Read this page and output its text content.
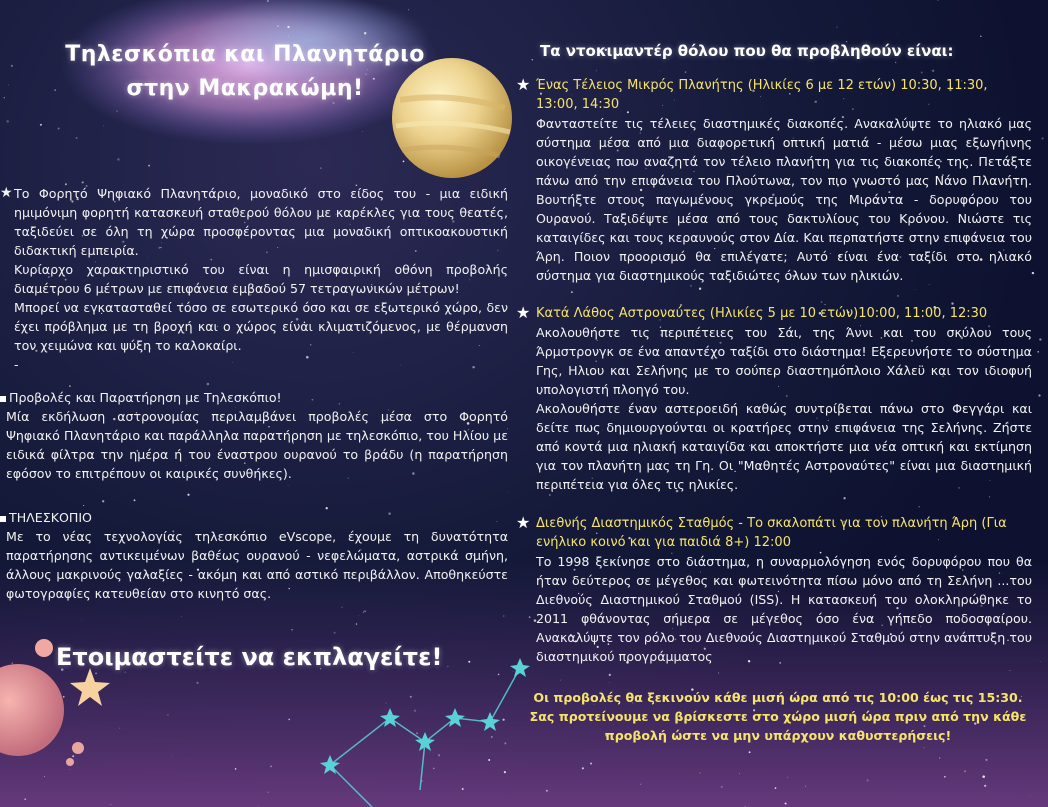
Τηλεσκόπια και Πλανητάριο
στην Μακρακώμη!

★ Το Φορητό Ψηφιακό Πλανητάριο, μοναδικό στο είδος του - μια ειδική ημιμόνιμη φορητή κατασκευή σταθερού θόλου με καρέκλες για τους θεατές, ταξιδεύει σε όλη τη χώρα προσφέροντας μια μοναδική οπτικοακουστική διδακτική εμπειρία.

Κυρίαρχο χαρακτηριστικό του είναι η ημισφαιρική οθόνη προβολής διαμέτρου 6 μέτρων με επιφάνεια εμβαδού 57 τετραγωνικών μέτρων!

Μπορεί να εγκατασταθεί τόσο σε εσωτερικό όσο και σε εξωτερικό χώρο, δεν έχει πρόβλημα με τη βροχή και ο χώρος είναι κλιματιζόμενος, με θέρμανση τον χειμώνα και ψύξη το καλοκαίρι.

-

Προβολές και Παρατήρηση με Τηλεσκόπιο!

Μία εκδήλωση αστρονομίας περιλαμβάνει προβολές μέσα στο Φορητό Ψηφιακό Πλανητάριο και παράλληλα παρατήρηση με τηλεσκόπιο, του Ηλίου με ειδικά φίλτρα την ημέρα ή του έναστρου ουρανού το βράδυ (η παρατήρηση εφόσον το επιτρέπουν οι καιρικές συνθήκες).

ΤΗΛΕΣΚΟΠΙΟ

Με το νέας τεχνολογίας τηλεσκόπιο eVscope, έχουμε τη δυνατότητα παρατήρησης αντικειμένων βαθέως ουρανού - νεφελώματα, αστρικά σμήνη, άλλους μακρινούς γαλαξίες - ακόμη και από αστικό περιβάλλον. Αποθηκεύστε φωτογραφίες κατευθείαν στο κινητό σας.

Ετοιμαστείτε να εκπλαγείτε!
Τα ντοκιμαντέρ θόλου που θα προβληθούν είναι:

★ Ένας Τέλειος Μικρός Πλανήτης (Ηλικίες 6 με 12 ετών) 10:30, 11:30, 13:00, 14:30

Φανταστείτε τις τέλειες διαστημικές διακοπές. Ανακαλύψτε το ηλιακό μας σύστημα μέσα από μια διαφορετική οπτική ματιά - μέσω μιας εξωγήινης οικογένειας που αναζητά τον τέλειο πλανήτη για τις διακοπές της. Πετάξτε πάνω από την επιφάνεια του Πλούτωνα, τον πιο γνωστό μας Νάνο Πλανήτη. Βουτήξτε στους παγωμένους γκρεμούς της Μιράντα - δορυφόρου του Ουρανού. Ταξιδέψτε μέσα από τους δακτυλίους του Κρόνου. Νιώστε τις καταιγίδες και τους κεραυνούς στον Δία. Και περπατήστε στην επιφάνεια του Άρη. Ποιον προορισμό θα επιλέγατε; Αυτό είναι ένα ταξίδι στο ηλιακό σύστημα για διαστημικούς ταξιδιώτες όλων των ηλικιών.

★ Κατά Λάθος Αστροναύτες (Ηλικίες 5 με 10 ετών)10:00, 11:00, 12:30

Ακολουθήστε τις περιπέτειες του Σάι, της Άννι και του σκύλου τους Άρμστρονγκ σε ένα απαντέχο ταξίδι στο διάστημα! Εξερευνήστε το σύστημα Γης, Ηλιου και Σελήνης με το σούπερ διαστημόπλοιο Χάλεϋ και τον ιδιοφυή υπολογιστή πλοηγό του.

Ακολουθήστε έναν αστεροειδή καθώς συντρίβεται πάνω στο Φεγγάρι και δείτε πως δημιουργούνται οι κρατήρες στην επιφάνεια της Σελήνης. Ζήστε από κοντά μια ηλιακή καταιγίδα και αποκτήστε μια νέα οπτική και εκτίμηση για τον πλανήτη μας τη Γη. Οι "Μαθητές Αστροναύτες" είναι μια διαστημική περιπέτεια για όλες τις ηλικίες.

★ Διεθνής Διαστημικός Σταθμός - Το σκαλοπάτι για τον πλανήτη Άρη (Για ενήλικο κοινό και για παιδιά 8+) 12:00

Το 1998 ξεκίνησε στο διάστημα, η συναρμολόγηση ενός δορυφόρου που θα ήταν δεύτερος σε μέγεθος και φωτεινότητα πίσω μόνο από τη Σελήνη ...του Διεθνούς Διαστημικού Σταθμού (ISS). Η κατασκευή του ολοκληρώθηκε το 2011 φθάνοντας σήμερα σε μέγεθος όσο ένα γήπεδο ποδοσφαίρου. Ανακαλύψτε τον ρόλο του Διεθνούς Διαστημικού Σταθμού στην ανάπτυξη του διαστημικού προγράμματος

Οι προβολές θα ξεκινούν κάθε μισή ώρα από τις 10:00 έως τις 15:30. Σας προτείνουμε να βρίσκεστε στο χώρο μισή ώρα πριν από την κάθε προβολή ώστε να μην υπάρχουν καθυστερήσεις!
